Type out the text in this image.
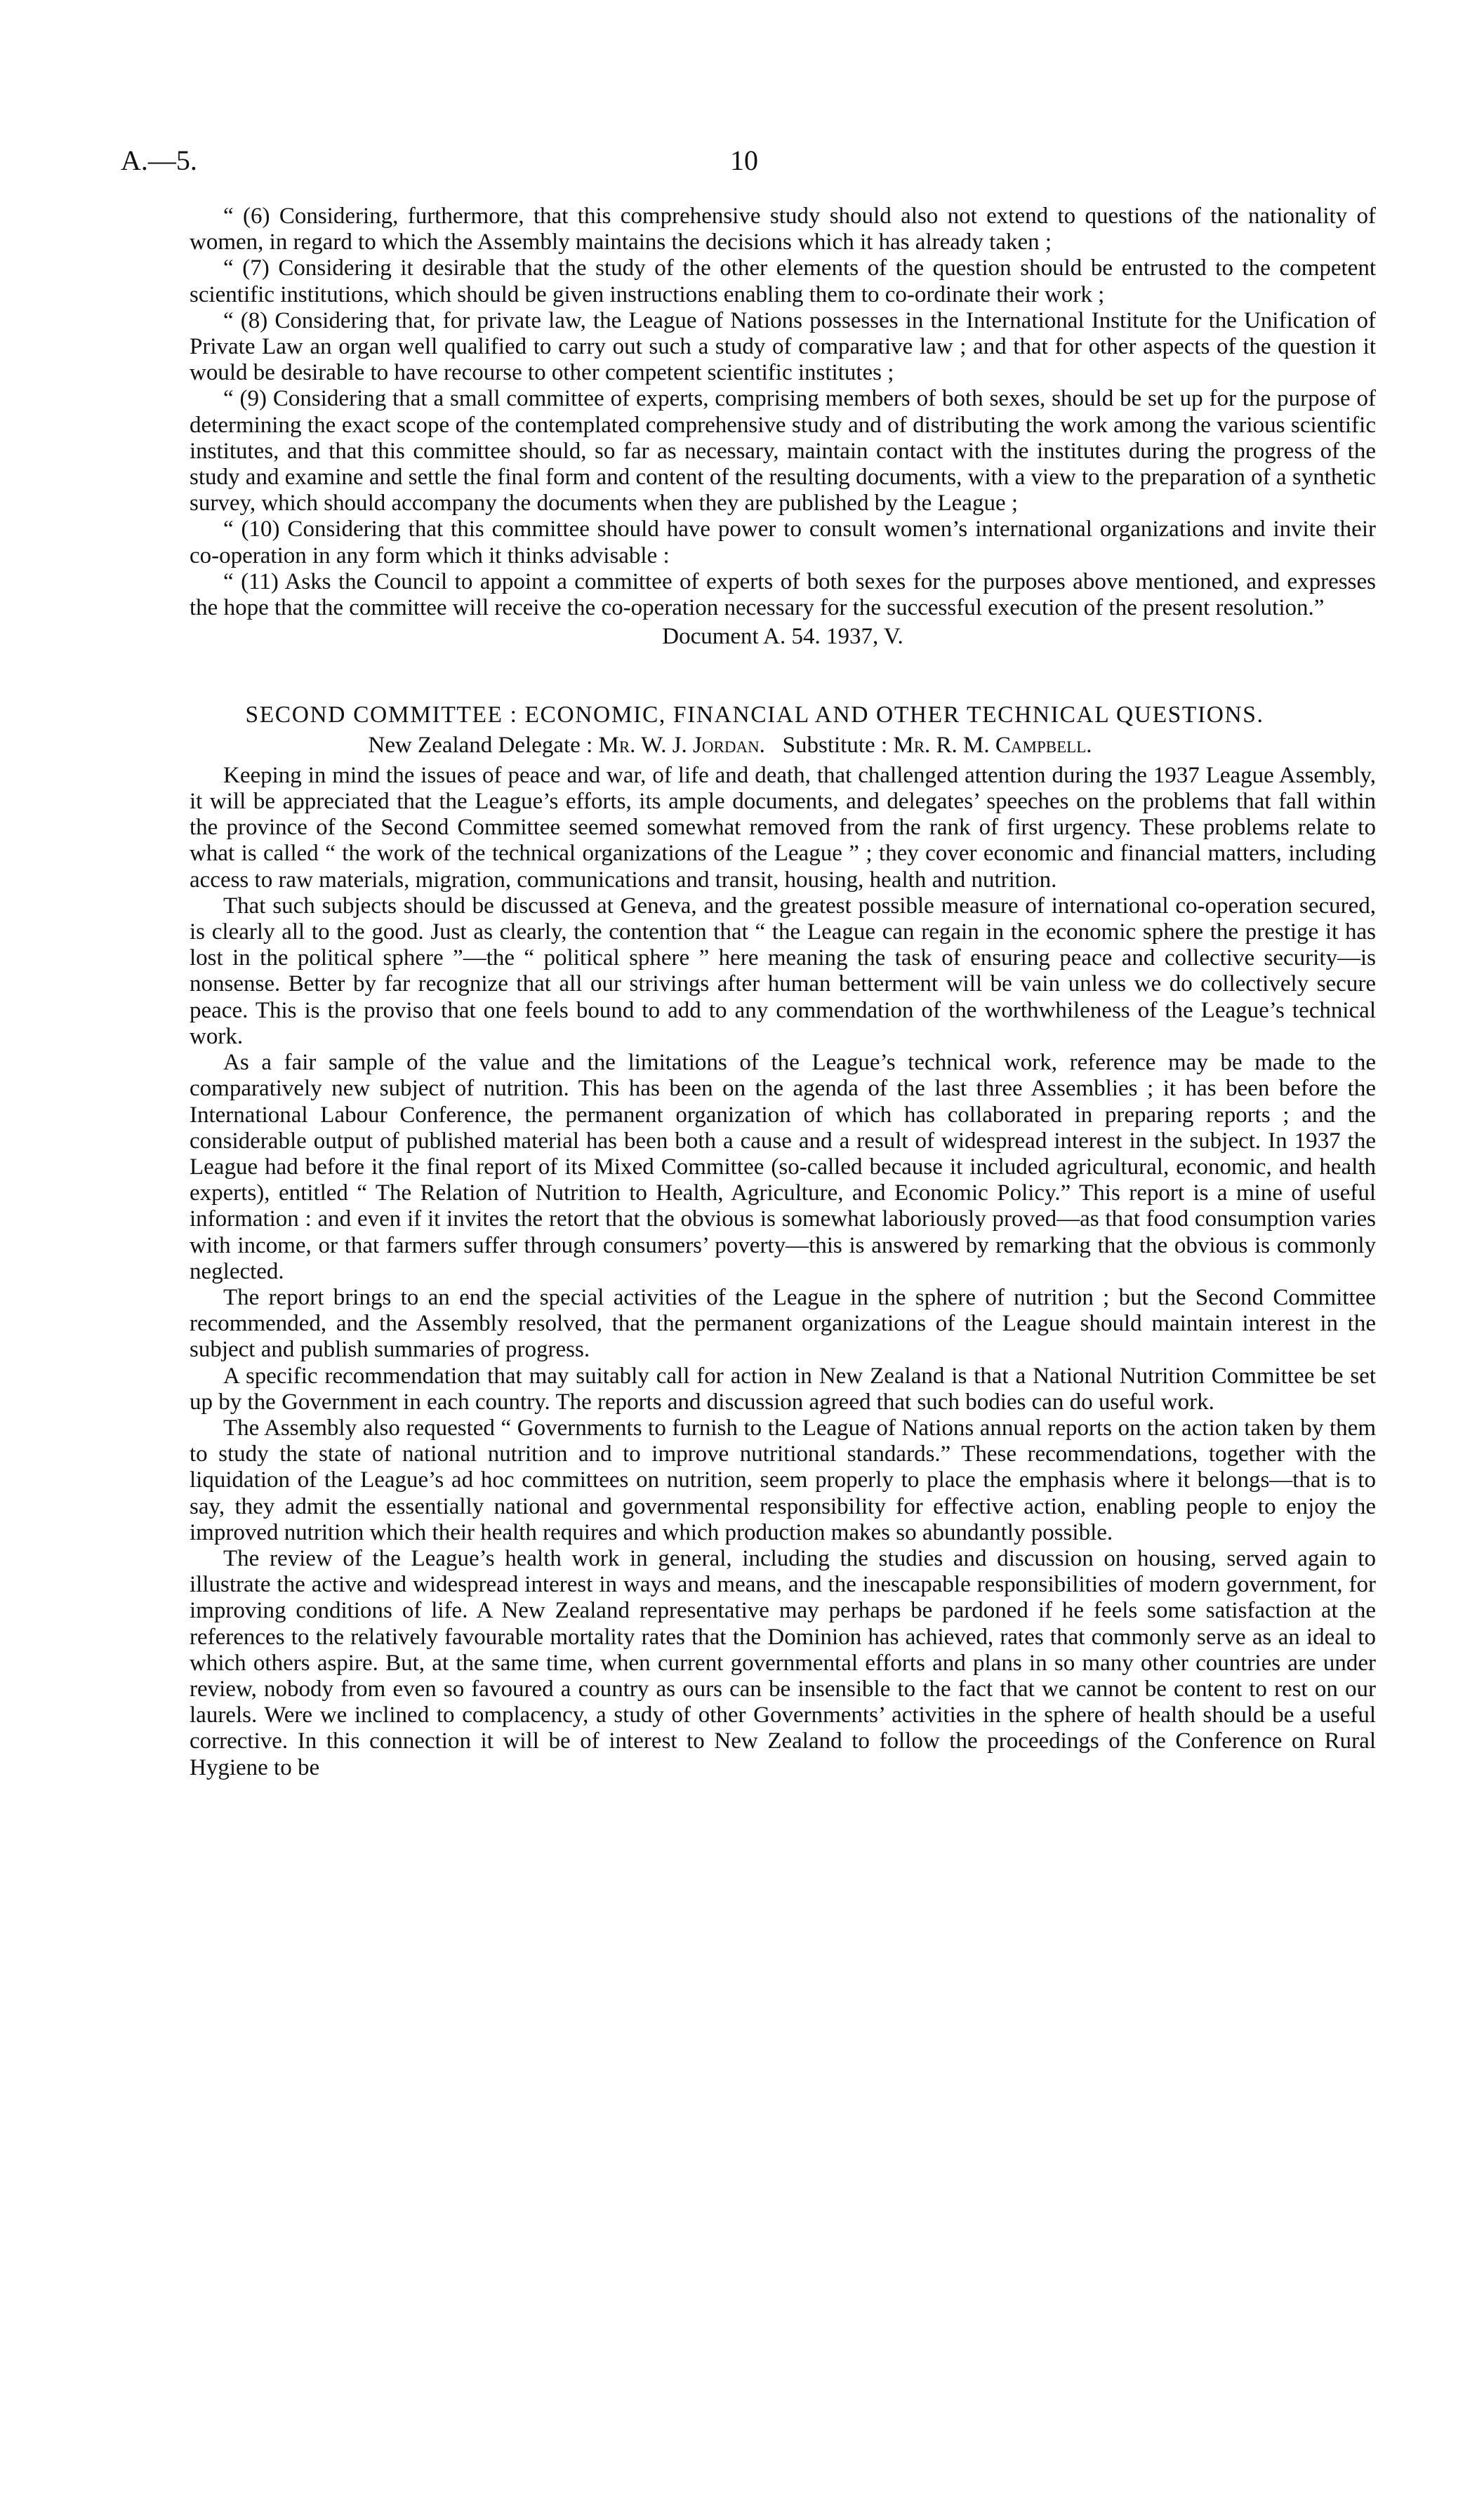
A.—5.	10

“ (6) Considering, furthermore, that this comprehensive study should also not extend to questions of the nationality of women, in regard to which the Assembly maintains the decisions which it has already taken ;

“ (7) Considering it desirable that the study of the other elements of the question should be entrusted to the competent scientific institutions, which should be given instructions enabling them to co-ordinate their work ;

“ (8) Considering that, for private law, the League of Nations possesses in the International Institute for the Unification of Private Law an organ well qualified to carry out such a study of comparative law ; and that for other aspects of the question it would be desirable to have recourse to other competent scientific institutes ;

“ (9) Considering that a small committee of experts, comprising members of both sexes, should be set up for the purpose of determining the exact scope of the contemplated comprehensive study and of distributing the work among the various scientific institutes, and that this committee should, so far as necessary, maintain contact with the institutes during the progress of the study and examine and settle the final form and content of the resulting documents, with a view to the preparation of a synthetic survey, which should accompany the documents when they are published by the League ;

“ (10) Considering that this committee should have power to consult women’s international organizations and invite their co-operation in any form which it thinks advisable :

“ (11) Asks the Council to appoint a committee of experts of both sexes for the purposes above mentioned, and expresses the hope that the committee will receive the co-operation necessary for the successful execution of the present resolution.”

Document A. 54. 1937, V.

SECOND COMMITTEE : ECONOMIC, FINANCIAL AND OTHER TECHNICAL QUESTIONS.

New Zealand Delegate : Mr. W. J. Jordan. Substitute : Mr. R. M. Campbell.

Keeping in mind the issues of peace and war, of life and death, that challenged attention during the 1937 League Assembly, it will be appreciated that the League’s efforts, its ample documents, and delegates’ speeches on the problems that fall within the province of the Second Committee seemed somewhat removed from the rank of first urgency. These problems relate to what is called “ the work of the technical organizations of the League ” ; they cover economic and financial matters, including access to raw materials, migration, communications and transit, housing, health and nutrition.

That such subjects should be discussed at Geneva, and the greatest possible measure of international co-operation secured, is clearly all to the good. Just as clearly, the contention that “ the League can regain in the economic sphere the prestige it has lost in the political sphere ”—the “ political sphere ” here meaning the task of ensuring peace and collective security—is nonsense. Better by far recognize that all our strivings after human betterment will be vain unless we do collectively secure peace. This is the proviso that one feels bound to add to any commendation of the worthwhileness of the League’s technical work.

As a fair sample of the value and the limitations of the League’s technical work, reference may be made to the comparatively new subject of nutrition. This has been on the agenda of the last three Assemblies ; it has been before the International Labour Conference, the permanent organization of which has collaborated in preparing reports ; and the considerable output of published material has been both a cause and a result of widespread interest in the subject. In 1937 the League had before it the final report of its Mixed Committee (so-called because it included agricultural, economic, and health experts), entitled “ The Relation of Nutrition to Health, Agriculture, and Economic Policy.” This report is a mine of useful information : and even if it invites the retort that the obvious is somewhat laboriously proved—as that food consumption varies with income, or that farmers suffer through consumers’ poverty—this is answered by remarking that the obvious is commonly neglected.

The report brings to an end the special activities of the League in the sphere of nutrition ; but the Second Committee recommended, and the Assembly resolved, that the permanent organizations of the League should maintain interest in the subject and publish summaries of progress.

A specific recommendation that may suitably call for action in New Zealand is that a National Nutrition Committee be set up by the Government in each country. The reports and discussion agreed that such bodies can do useful work.

The Assembly also requested “ Governments to furnish to the League of Nations annual reports on the action taken by them to study the state of national nutrition and to improve nutritional standards.” These recommendations, together with the liquidation of the League’s ad hoc committees on nutrition, seem properly to place the emphasis where it belongs—that is to say, they admit the essentially national and governmental responsibility for effective action, enabling people to enjoy the improved nutrition which their health requires and which production makes so abundantly possible.

The review of the League’s health work in general, including the studies and discussion on housing, served again to illustrate the active and widespread interest in ways and means, and the inescapable responsibilities of modern government, for improving conditions of life. A New Zealand representative may perhaps be pardoned if he feels some satisfaction at the references to the relatively favourable mortality rates that the Dominion has achieved, rates that commonly serve as an ideal to which others aspire. But, at the same time, when current governmental efforts and plans in so many other countries are under review, nobody from even so favoured a country as ours can be insensible to the fact that we cannot be content to rest on our laurels. Were we inclined to complacency, a study of other Governments’ activities in the sphere of health should be a useful corrective. In this connection it will be of interest to New Zealand to follow the proceedings of the Conference on Rural Hygiene to be
